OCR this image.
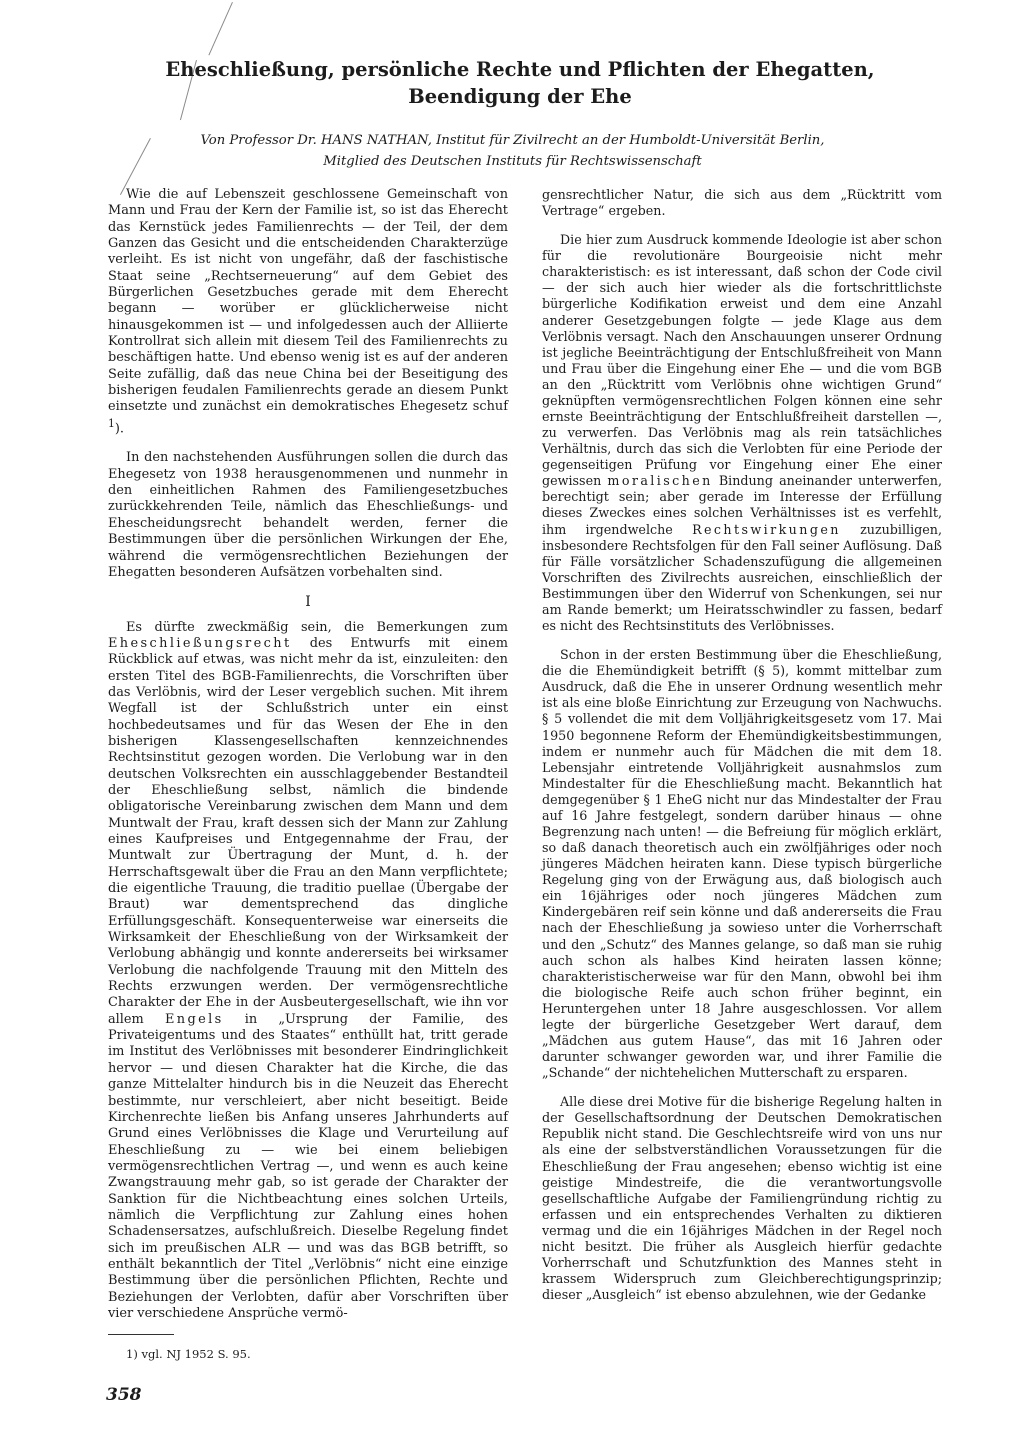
Eheschließung, persönliche Rechte und Pflichten der Ehegatten,
Beendigung der Ehe
Von Professor Dr. HANS NATHAN, Institut für Zivilrecht an der Humboldt-Universität Berlin,
Mitglied des Deutschen Instituts für Rechtswissenschaft

Wie die auf Lebenszeit geschlossene Gemeinschaft von Mann und Frau der Kern der Familie ist, so ist das Eherecht das Kernstück jedes Familienrechts — der Teil, der dem Ganzen das Gesicht und die entscheidenden Charakterzüge verleiht. Es ist nicht von ungefähr, daß der faschistische Staat seine „Rechtserneuerung“ auf dem Gebiet des Bürgerlichen Gesetzbuches gerade mit dem Eherecht begann — worüber er glücklicherweise nicht hinausgekommen ist — und infolgedessen auch der Alliierte Kontrollrat sich allein mit diesem Teil des Familienrechts zu beschäftigen hatte. Und ebenso wenig ist es auf der anderen Seite zufällig, daß das neue China bei der Beseitigung des bisherigen feudalen Familienrechts gerade an diesem Punkt einsetzte und zunächst ein demokratisches Ehegesetz schuf $^1$).

In den nachstehenden Ausführungen sollen die durch das Ehegesetz von 1938 herausgenommenen und nunmehr in den einheitlichen Rahmen des Familiengesetzbuches zurückkehrenden Teile, nämlich das Eheschließungs- und Ehescheidungsrecht behandelt werden, ferner die Bestimmungen über die persönlichen Wirkungen der Ehe, während die vermögensrechtlichen Beziehungen der Ehegatten besonderen Aufsätzen vorbehalten sind.

I

Es dürfte zweckmäßig sein, die Bemerkungen zum Eheschließungsrecht des Entwurfs mit einem Rückblick auf etwas, was nicht mehr da ist, einzuleiten: den ersten Titel des BGB-Familienrechts, die Vorschriften über das Verlöbnis, wird der Leser vergeblich suchen. Mit ihrem Wegfall ist der Schlußstrich unter ein einst hochbedeutsames und für das Wesen der Ehe in den bisherigen Klassengesellschaften kennzeichnendes Rechtsinstitut gezogen worden. Die Verlobung war in den deutschen Volksrechten ein ausschlaggebender Bestandteil der Eheschließung selbst, nämlich die bindende obligatorische Vereinbarung zwischen dem Mann und dem Muntwalt der Frau, kraft dessen sich der Mann zur Zahlung eines Kaufpreises und Entgegennahme der Frau, der Muntwalt zur Übertragung der Munt, d. h. der Herrschaftsgewalt über die Frau an den Mann verpflichtete; die eigentliche Trauung, die traditio puellae (Übergabe der Braut) war dementsprechend das dingliche Erfüllungsgeschäft. Konsequenterweise war einerseits die Wirksamkeit der Eheschließung von der Wirksamkeit der Verlobung abhängig und konnte andererseits bei wirksamer Verlobung die nachfolgende Trauung mit den Mitteln des Rechts erzwungen werden. Der vermögensrechtliche Charakter der Ehe in der Ausbeutergesellschaft, wie ihn vor allem Engels in „Ursprung der Familie, des Privateigentums und des Staates“ enthüllt hat, tritt gerade im Institut des Verlöbnisses mit besonderer Eindringlichkeit hervor — und diesen Charakter hat die Kirche, die das ganze Mittelalter hindurch bis in die Neuzeit das Eherecht bestimmte, nur verschleiert, aber nicht beseitigt. Beide Kirchenrechte ließen bis Anfang unseres Jahrhunderts auf Grund eines Verlöbnisses die Klage und Verurteilung auf Eheschließung zu — wie bei einem beliebigen vermögensrechtlichen Vertrag —, und wenn es auch keine Zwangstrauung mehr gab, so ist gerade der Charakter der Sanktion für die Nichtbeachtung eines solchen Urteils, nämlich die Verpflichtung zur Zahlung eines hohen Schadensersatzes, aufschlußreich. Dieselbe Regelung findet sich im preußischen ALR — und was das BGB betrifft, so enthält bekanntlich der Titel „Verlöbnis“ nicht eine einzige Bestimmung über die persönlichen Pflichten, Rechte und Beziehungen der Verlobten, dafür aber Vorschriften über vier verschiedene Ansprüche vermö-

gensrechtlicher Natur, die sich aus dem „Rücktritt vom Vertrage“ ergeben.

Die hier zum Ausdruck kommende Ideologie ist aber schon für die revolutionäre Bourgeoisie nicht mehr charakteristisch: es ist interessant, daß schon der Code civil — der sich auch hier wieder als die fortschrittlichste bürgerliche Kodifikation erweist und dem eine Anzahl anderer Gesetzgebungen folgte — jede Klage aus dem Verlöbnis versagt. Nach den Anschauungen unserer Ordnung ist jegliche Beeinträchtigung der Entschlußfreiheit von Mann und Frau über die Eingehung einer Ehe — und die vom BGB an den „Rücktritt vom Verlöbnis ohne wichtigen Grund“ geknüpften vermögensrechtlichen Folgen können eine sehr ernste Beeinträchtigung der Entschlußfreiheit darstellen —, zu verwerfen. Das Verlöbnis mag als rein tatsächliches Verhältnis, durch das sich die Verlobten für eine Periode der gegenseitigen Prüfung vor Eingehung einer Ehe einer gewissen moralischen Bindung aneinander unterwerfen, berechtigt sein; aber gerade im Interesse der Erfüllung dieses Zweckes eines solchen Verhältnisses ist es verfehlt, ihm irgendwelche Rechtswirkungen zuzubilligen, insbesondere Rechtsfolgen für den Fall seiner Auflösung. Daß für Fälle vorsätzlicher Schadenszufügung die allgemeinen Vorschriften des Zivilrechts ausreichen, einschließlich der Bestimmungen über den Widerruf von Schenkungen, sei nur am Rande bemerkt; um Heiratsschwindler zu fassen, bedarf es nicht des Rechtsinstituts des Verlöbnisses.

Schon in der ersten Bestimmung über die Eheschließung, die die Ehemündigkeit betrifft (§ 5), kommt mittelbar zum Ausdruck, daß die Ehe in unserer Ordnung wesentlich mehr ist als eine bloße Einrichtung zur Erzeugung von Nachwuchs. § 5 vollendet die mit dem Volljährigkeitsgesetz vom 17. Mai 1950 begonnene Reform der Ehemündigkeitsbestimmungen, indem er nunmehr auch für Mädchen die mit dem 18. Lebensjahr eintretende Volljährigkeit ausnahmslos zum Mindestalter für die Eheschließung macht. Bekanntlich hat demgegenüber § 1 EheG nicht nur das Mindestalter der Frau auf 16 Jahre festgelegt, sondern darüber hinaus — ohne Begrenzung nach unten! — die Befreiung für möglich erklärt, so daß danach theoretisch auch ein zwölfjähriges oder noch jüngeres Mädchen heiraten kann. Diese typisch bürgerliche Regelung ging von der Erwägung aus, daß biologisch auch ein 16jähriges oder noch jüngeres Mädchen zum Kindergebären reif sein könne und daß andererseits die Frau nach der Eheschließung ja sowieso unter die Vorherrschaft und den „Schutz“ des Mannes gelange, so daß man sie ruhig auch schon als halbes Kind heiraten lassen könne; charakteristischerweise war für den Mann, obwohl bei ihm die biologische Reife auch schon früher beginnt, ein Heruntergehen unter 18 Jahre ausgeschlossen. Vor allem legte der bürgerliche Gesetzgeber Wert darauf, dem „Mädchen aus gutem Hause“, das mit 16 Jahren oder darunter schwanger geworden war, und ihrer Familie die „Schande“ der nichtehelichen Mutterschaft zu ersparen.

Alle diese drei Motive für die bisherige Regelung halten in der Gesellschaftsordnung der Deutschen Demokratischen Republik nicht stand. Die Geschlechtsreife wird von uns nur als eine der selbstverständlichen Voraussetzungen für die Eheschließung der Frau angesehen; ebenso wichtig ist eine geistige Mindestreife, die die verantwortungsvolle gesellschaftliche Aufgabe der Familiengründung richtig zu erfassen und ein entsprechendes Verhalten zu diktieren vermag und die ein 16jähriges Mädchen in der Regel noch nicht besitzt. Die früher als Ausgleich hierfür gedachte Vorherrschaft und Schutzfunktion des Mannes steht in krassem Widerspruch zum Gleichberechtigungsprinzip; dieser „Ausgleich“ ist ebenso abzulehnen, wie der Gedanke

1) vgl. NJ 1952 S. 95.
358
